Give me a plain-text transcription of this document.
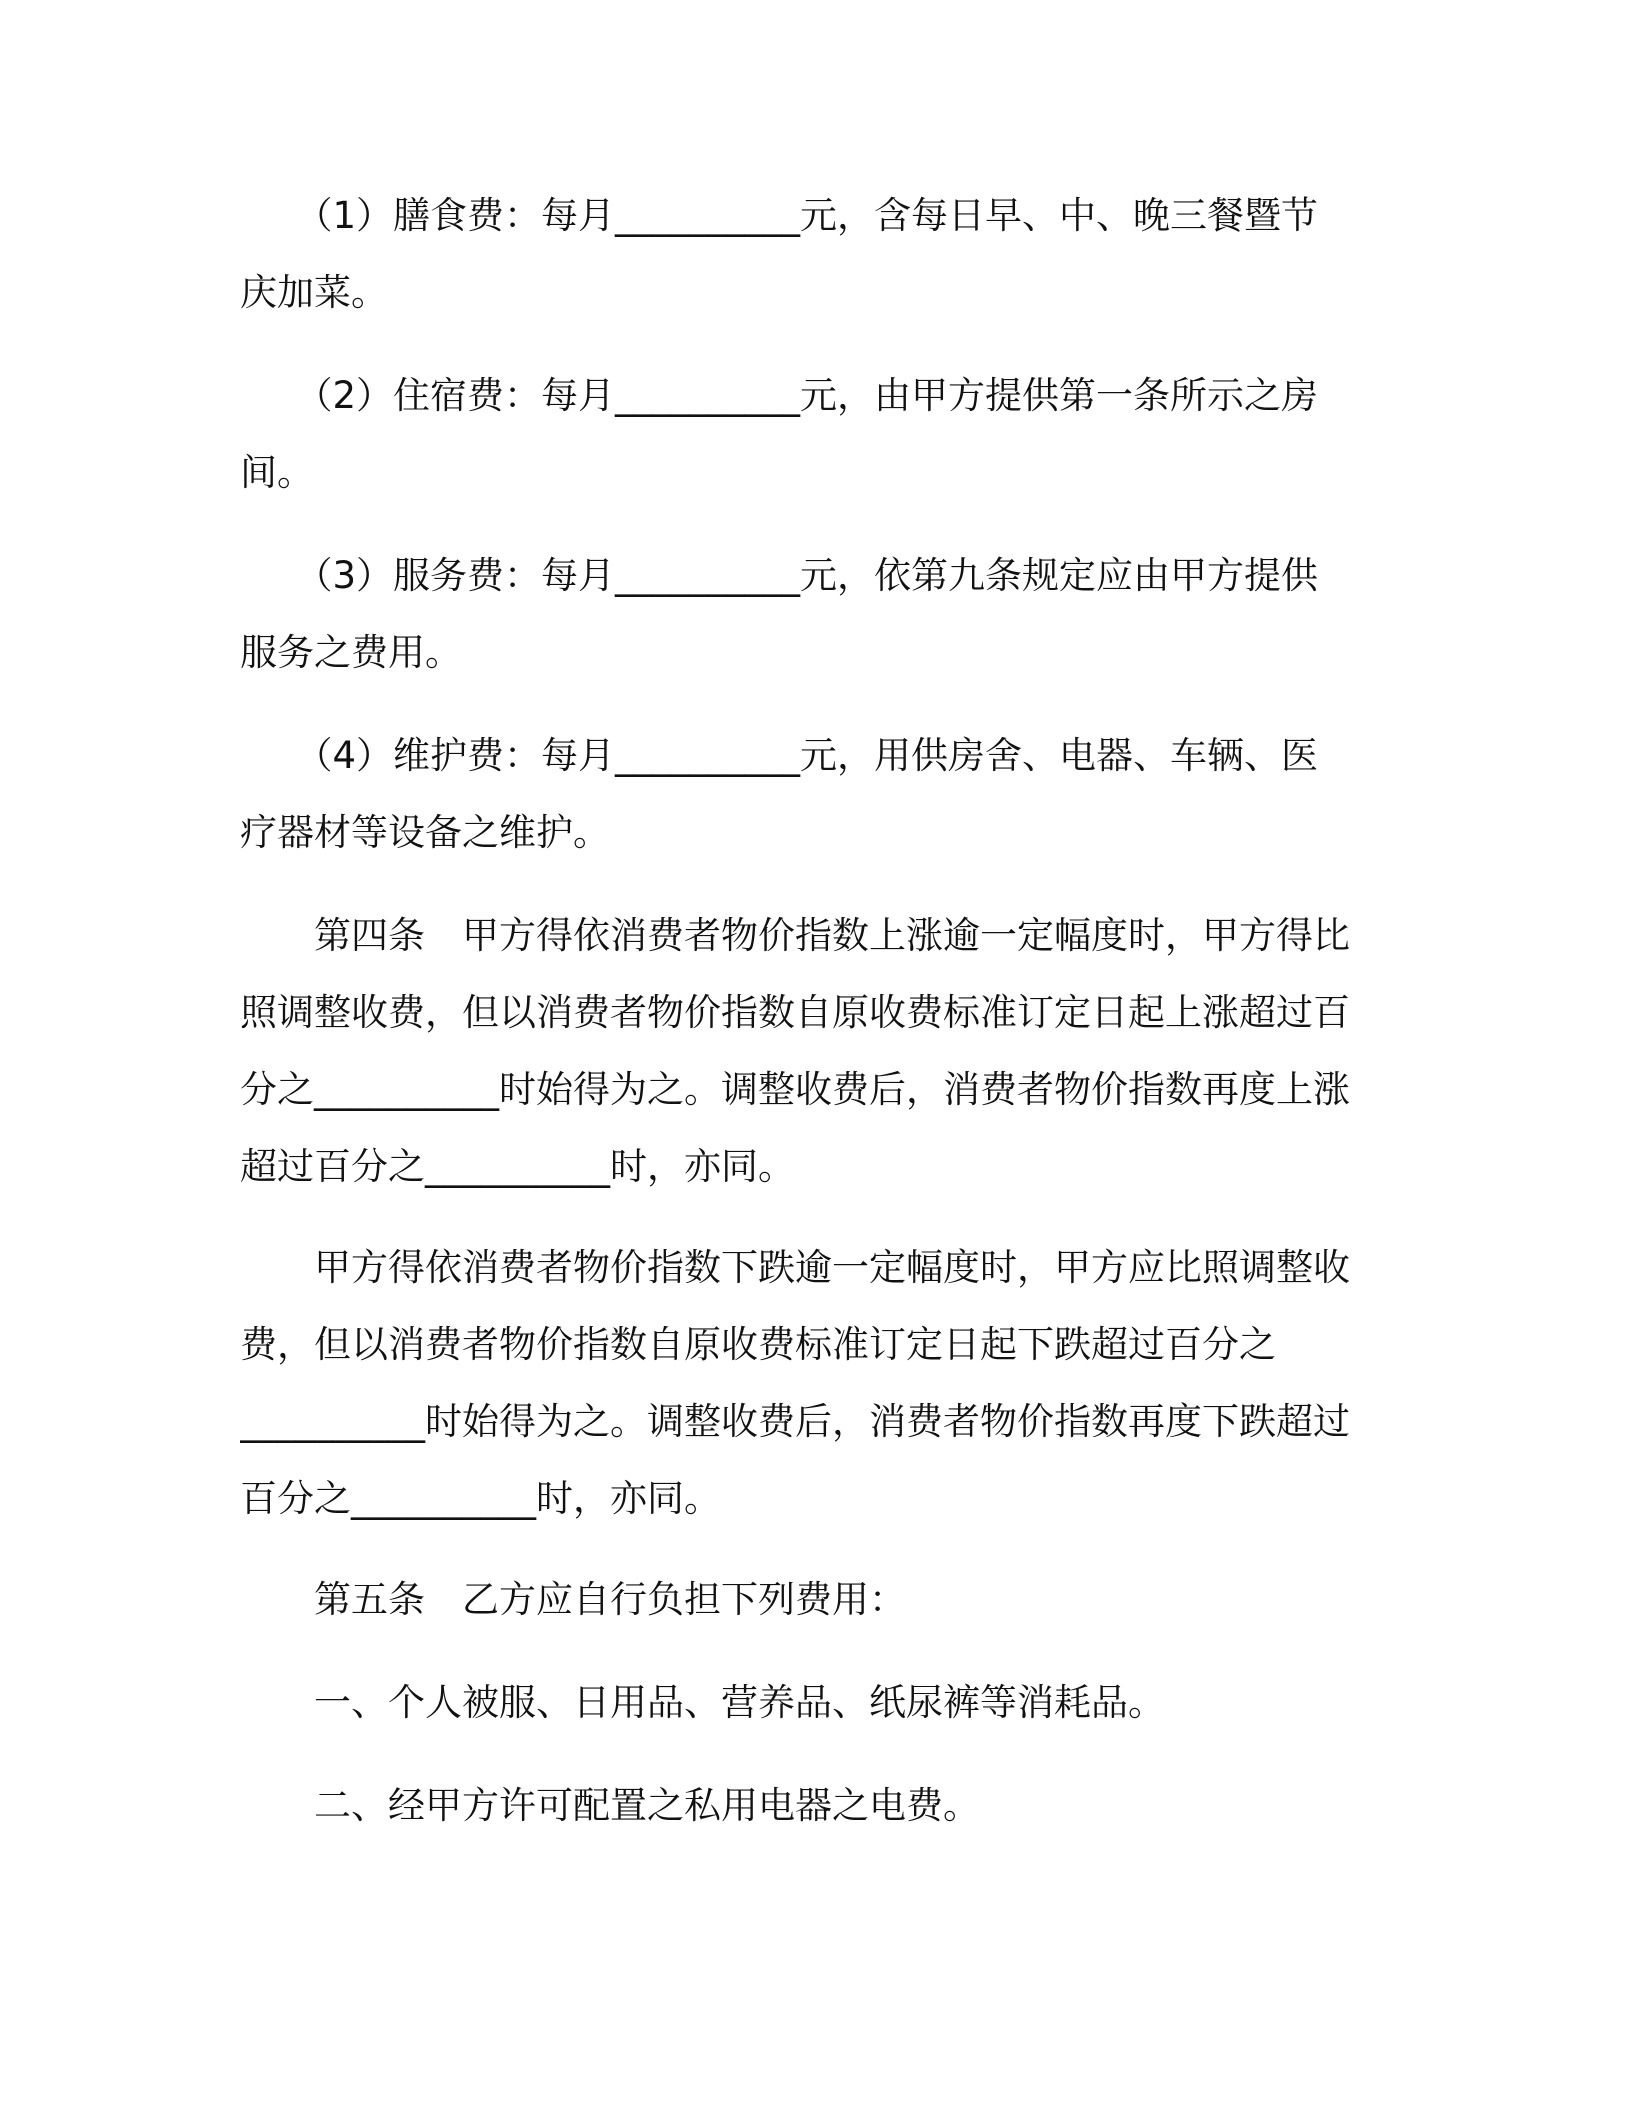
　　（1）膳食费：每月__________元，含每日早、中、晚三餐暨节
庆加菜。
　　（2）住宿费：每月__________元，由甲方提供第一条所示之房
间。
　　（3）服务费：每月__________元，依第九条规定应由甲方提供
服务之费用。
　　（4）维护费：每月__________元，用供房舍、电器、车辆、医
疗器材等设备之维护。
　　第四条　甲方得依消费者物价指数上涨逾一定幅度时，甲方得比
照调整收费，但以消费者物价指数自原收费标准订定日起上涨超过百
分之__________时始得为之。调整收费后，消费者物价指数再度上涨
超过百分之__________时，亦同。
　　甲方得依消费者物价指数下跌逾一定幅度时，甲方应比照调整收
费，但以消费者物价指数自原收费标准订定日起下跌超过百分之
__________时始得为之。调整收费后，消费者物价指数再度下跌超过
百分之__________时，亦同。
　　第五条　乙方应自行负担下列费用：
　　一、个人被服、日用品、营养品、纸尿裤等消耗品。
　　二、经甲方许可配置之私用电器之电费。
